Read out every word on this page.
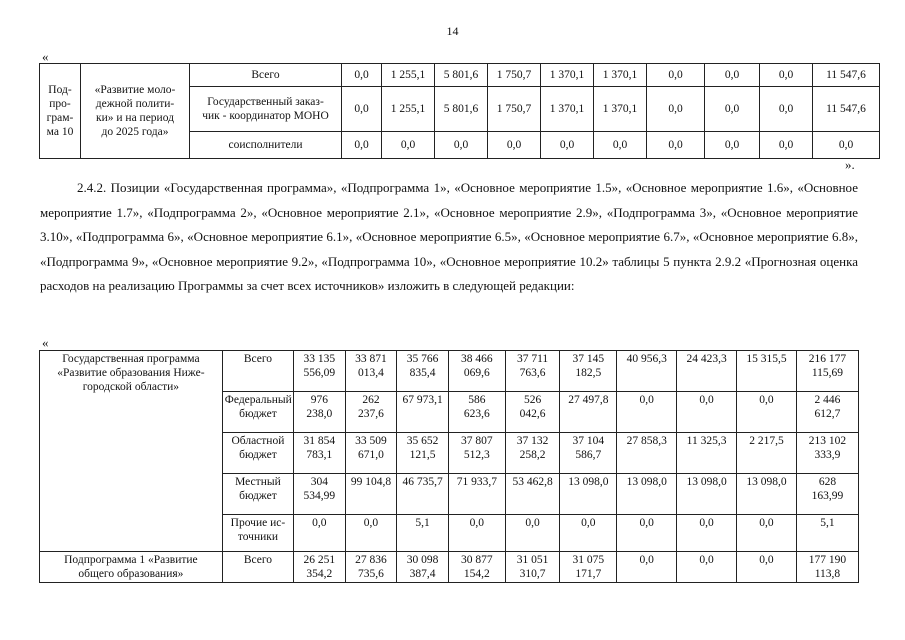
14
«
Под-
про-
грам-
ма 10	«Развитие моло-
дежной полити-
ки» и на период
до 2025 года»	Всего	0,0	1 255,1	5 801,6	1 750,7	1 370,1	1 370,1	0,0	0,0	0,0	11 547,6
		Государственный заказ-
чик - координатор МОНО	0,0	1 255,1	5 801,6	1 750,7	1 370,1	1 370,1	0,0	0,0	0,0	11 547,6
		соисполнители	0,0	0,0	0,0	0,0	0,0	0,0	0,0	0,0	0,0	0,0
».

2.4.2. Позиции «Государственная программа», «Подпрограмма 1», «Основное мероприятие 1.5», «Основное мероприятие 1.6», «Основное мероприятие 1.7», «Подпрограмма 2», «Основное мероприятие 2.1», «Основное мероприятие 2.9», «Подпрограмма 3», «Основное мероприятие 3.10», «Подпрограмма 6», «Основное мероприятие 6.1», «Основное мероприятие 6.5», «Основное мероприятие 6.7», «Основное мероприятие 6.8», «Подпрограмма 9», «Основное мероприятие 9.2», «Подпрограмма 10», «Основное мероприятие 10.2» таблицы 5 пункта 2.9.2 «Прогнозная оценка расходов на реализацию Программы за счет всех источников» изложить в следующей редакции:

«
Государственная программа
«Развитие образования Ниже-
городской области»	Всего	33 135
556,09	33 871
013,4	35 766
835,4	38 466
069,6	37 711
763,6	37 145
182,5	40 956,3	24 423,3	15 315,5	216 177
115,69
	Федеральный
бюджет	976
238,0	262
237,6	67 973,1	586
623,6	526
042,6	27 497,8	0,0	0,0	0,0	2 446
612,7
	Областной
бюджет	31 854
783,1	33 509
671,0	35 652
121,5	37 807
512,3	37 132
258,2	37 104
586,7	27 858,3	11 325,3	2 217,5	213 102
333,9
	Местный
бюджет	304
534,99	99 104,8	46 735,7	71 933,7	53 462,8	13 098,0	13 098,0	13 098,0	13 098,0	628
163,99
	Прочие ис-
точники	0,0	0,0	5,1	0,0	0,0	0,0	0,0	0,0	0,0	5,1
Подпрограмма 1 «Развитие
общего образования»	Всего	26 251
354,2	27 836
735,6	30 098
387,4	30 877
154,2	31 051
310,7	31 075
171,7	0,0	0,0	0,0	177 190
113,8
